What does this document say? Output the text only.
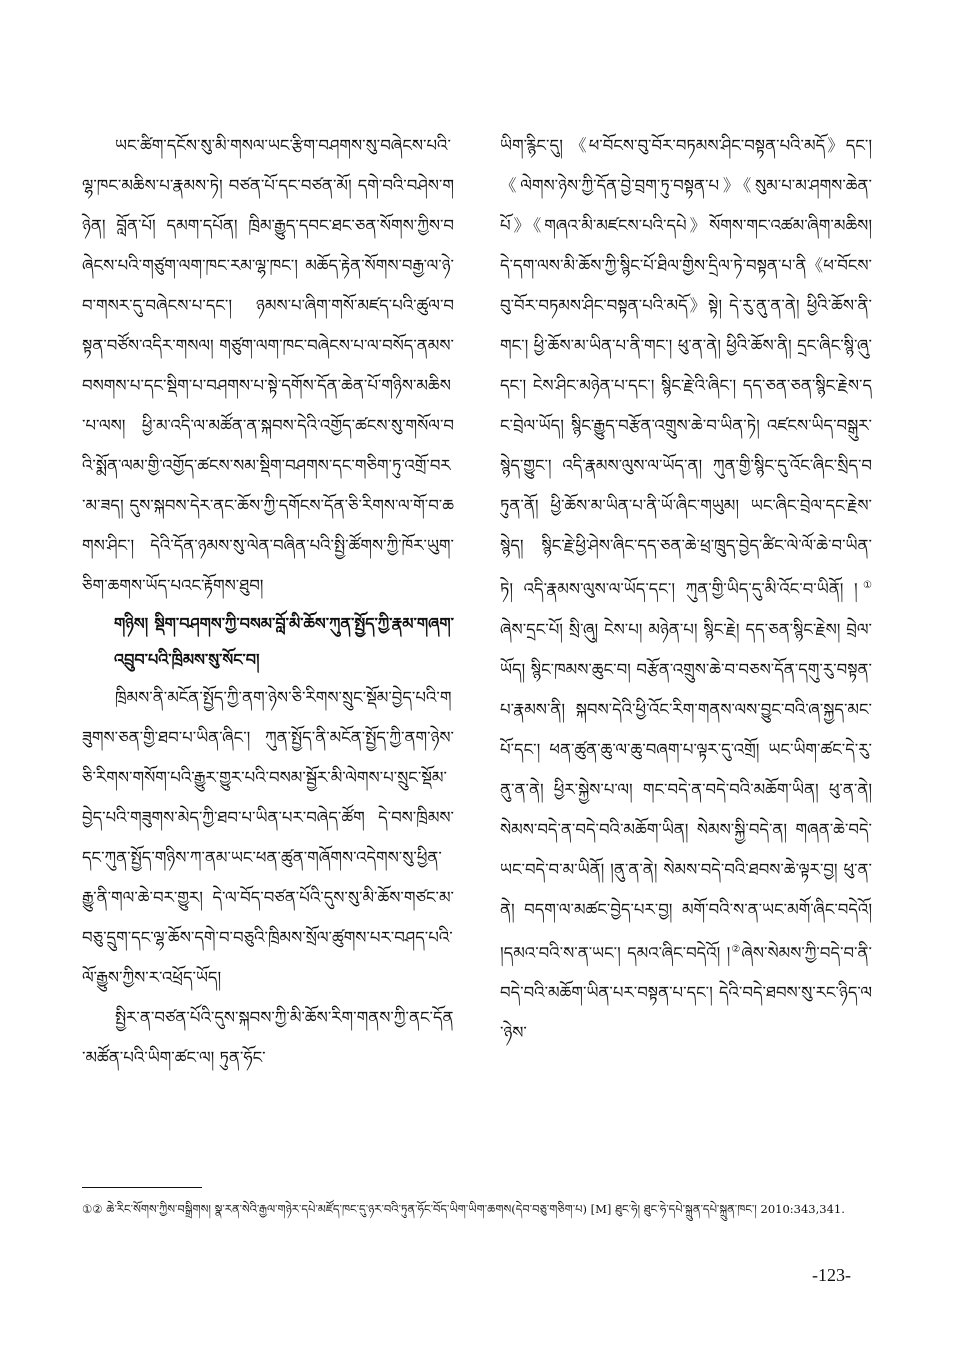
ཡང་ཚིག་དངོས་སུ་མི་གསལ་ཡང་རྩིག་བཤགས་སུ་བཞེངས་པའི་ལྷ་ཁང་མཆིས་པ་རྣམས་ཏེ། བཙན་པོ་དང་བཙན་མོ། དགེ་བའི་བཤེས་གཉེན། བློན་པོ། དམག་དཔོན། ཁྲིམ་རྒྱུད་དབང་ཐང་ཅན་སོགས་ཀྱིས་བཞེངས་པའི་གཙུག་ལག་ཁང་རམ་ལྷ་ཁང་། མཆོད་རྟེན་སོགས་བརྒྱ་ལ་ཉེ་བ་གསར་དུ་བཞེངས་པ་དང་། ཉམས་པ་ཞིག་གསོ་མཛད་པའི་ཚུལ་བསྟན་བཙོས་འདིར་གསལ། གཙུག་ལག་ཁང་བཞེངས་པ་ལ་བསོད་ནམས་བསགས་པ་དང་སྡིག་པ་བཤགས་པ་སྟེ་དགོས་དོན་ཆེན་པོ་གཉིས་མཆིས་པ་ལས། ཕྱི་མ་འདི་ལ་མཚོན་ན་སྐབས་དེའི་འགྱོད་ཚངས་སུ་གསོལ་བའི་སྨོན་ལམ་གྱི་འགྱོད་ཚངས་སམ་སྡིག་བཤགས་དང་གཅིག་ཏུ་འགྲོ་བར་མ་ཟད། དུས་སྐབས་དེར་ནང་ཆོས་ཀྱི་དགོངས་དོན་ཅི་རིགས་ལ་གོ་བ་ཆགས་ཤིང་། དེའི་དོན་ཉམས་སུ་ལེན་བཞིན་པའི་སྤྱི་ཚོགས་ཀྱི་ཁོར་ཡུག་ཅིག་ཆགས་ཡོད་པའང་རྟོགས་ཐུབ།

གཉིས། སྡིག་བཤགས་ཀྱི་བསམ་བློ་མི་ཆོས་ཀུན་སྤྱོད་ཀྱི་རྣམ་གཞག་འབྲུབ་པའི་ཁྲིམས་སུ་སོང་བ།

ཁྲིམས་ནི་མངོན་སྤྱོད་ཀྱི་ནག་ཉེས་ཅི་རིགས་སྲུང་སྡོམ་བྱེད་པའི་གཟུགས་ཅན་གྱི་ཐབ་པ་ཡིན་ཞིང་། ཀུན་སྤྱོད་ནི་མངོན་སྤྱོད་ཀྱི་ནག་ཉེས་ཅི་རིགས་གསོག་པའི་རྒྱུར་གྱུར་པའི་བསམ་སྦྱོར་མི་ལེགས་པ་སྲུང་སྡོམ་བྱེད་པའི་གཟུགས་མེད་ཀྱི་ཐབ་པ་ཡིན་པར་བཞེད་ཚོག དེ་བས་ཁྲིམས་དང་ཀུན་སྤྱོད་གཉིས་ཀ་ནམ་ཡང་ཕན་ཚུན་གཞོགས་འདེགས་སུ་ཕྱིན་རྒྱུ་ནི་གལ་ཆེ་བར་གྱུར། དེ་ལ་བོད་བཙན་པོའི་དུས་སུ་མི་ཆོས་གཙང་མ་བཅུ་དྲུག་དང་ལྷ་ཆོས་དགེ་བ་བཅུའི་ཁྲིམས་སྲོལ་ཚུགས་པར་བཤད་པའི་ལོ་རྒྱུས་ཀྱིས་ར་འཕྲོད་ཡོད།

སྤྱིར་ན་བཙན་པོའི་དུས་སྐབས་ཀྱི་མི་ཆོས་རིག་གནས་ཀྱི་ནང་དོན་མཚོན་པའི་ཡིག་ཚང་ལ། ཏུན་ཧོང་

ཡིག་རྙིང་དུ། 《ཕ་བོངས་བུ་བོར་བཏམས་ཤིང་བསྟན་པའི་མདོ》དང་། 《ལེགས་ཉེས་ཀྱི་དོན་བྱེ་བྲག་ཏུ་བསྟན་པ》《སུམ་པ་མ་ཤགས་ཆེན་པོ》《གཞའ་མི་མཛངས་པའི་དཔེ》སོགས་གང་འཚམ་ཞིག་མཆིས། དེ་དག་ལས་མི་ཆོས་ཀྱི་སྙིང་པོ་ཐིལ་གྱིས་དྲིལ་ཏེ་བསྟན་པ་ནི《ཕ་བོངས་བུ་བོར་བཏམས་ཤིང་བསྟན་པའི་མདོ》སྟེ། དེ་རུ་ནུ་ན་ནེ། ཕྱིའི་ཆོས་ནི་གང་། ཕྱི་ཆོས་མ་ཡིན་པ་ནི་གང་། ཕུ་ན་ནེ། ཕྱིའི་ཆོས་ནི། དྲང་ཞིང་སྙི་ཞུ་དང་། ངེས་ཤིང་མཉེན་པ་དང་། སྙིང་རྗེ་འི་ཞིང་། དད་ཅན་ཅན་སྙིང་རྗེས་དང་བྲེལ་ཡོད། སྙིང་རྒྱུད་བརྩོན་འགྲུས་ཆེ་བ་ཡིན་ཏེ། འཛངས་ཡིད་བསྒུར་སྙེད་གྱུང་། འདི་རྣམས་ལུས་ལ་ཡོད་ན། ཀུན་གྱི་སྙིང་དུ་འོང་ཞིང་སྲིད་བཏུན་ནོ། ཕྱི་ཆོས་མ་ཡིན་པ་ནི་ཡོ་ཞིང་གཡུམ། ཡང་ཞིང་བྲེལ་དང་རྗེས་སྙེད། སྙིང་རྗེ་ཕྱི་ཤེས་ཞིང་དད་ཅན་ཆེ་ཕྲ་ཁྲུད་བྱེད་ཚིང་ལེ་ལོ་ཆེ་བ་ཡིན་ཏེ། འདི་རྣམས་ལུས་ལ་ཡོད་དང་། ཀུན་གྱི་ཡིད་དུ་མི་འོང་བ་ཡིནོ། །①ཞེས་དྲང་པོ། སྲི་ཞུ། ངེས་པ། མཉེན་པ། སྙིང་རྗེ། དད་ཅན་སྙིང་རྗེས། བྲེལ་ཡོད། སྙིང་ཁམས་ཆུང་བ། བརྩོན་འགྲུས་ཆེ་བ་བཅས་དོན་དགུ་རུ་བསྟན་པ་རྣམས་ནི། སྐབས་དེའི་ཕྱི་འོང་རིག་གནས་ལས་བྱུང་བའི་ཞ་སྐྱད་མང་པོ་དང་། ཕན་ཚུན་ཆུ་ལ་ཆུ་བཞག་པ་ལྟར་དུ་འགྲོ། ཡང་ཡིག་ཚང་དེ་རུ་ནུ་ན་ནེ། ཕྱིར་སྐྱེས་པ་ལ། གང་བདེ་ན་བདེ་བའི་མཆོག་ཡིན། ཕུ་ན་ནེ། སེམས་བདེ་ན་བདེ་བའི་མཆོག་ཡིན། སེམས་སྐྱི་བདེ་ན། གཞན་ཆེ་བདེ་ཡང་བདེ་བ་མ་ཡིནོ། །ནུ་ན་ནེ། སེམས་བདེ་བའི་ཐབས་ཆེ་ལྟར་བྱ། ཕུ་ན་ནེ། བདག་ལ་མཚང་བྱེད་པར་བྱ། མགོ་བའི་ས་ན་ཡང་མགོ་ཞིང་བདེའོ། །དམའ་བའི་ས་ན་ཡང་། དམའ་ཞིང་བདེའོ། །②ཞེས་སེམས་ཀྱི་བདེ་བ་ནི་བདེ་བའི་མཆོག་ཡིན་པར་བསྟན་པ་དང་། དེའི་བདེ་ཐབས་སུ་རང་ཉིད་ལ་ཉེས་

①② ཆེ་རིང་སོགས་ཀྱིས་བསྒྲིགས། སྣ་རན་སེའི་རྒྱལ་གཉེར་དཔེ་མཛོད་ཁང་དུ་ཉར་བའི་ཏུན་ཧོང་བོད་ཡིག་ཡིག་ཆགས(དེབ་བཅུ་གཅིག་པ) [M] ཐུང་ཧེ། ཐུང་ཧེ་དཔེ་སྐྲུན་དཔེ་སྐྲུན་ཁང་། 2010:343,341.
-123-
